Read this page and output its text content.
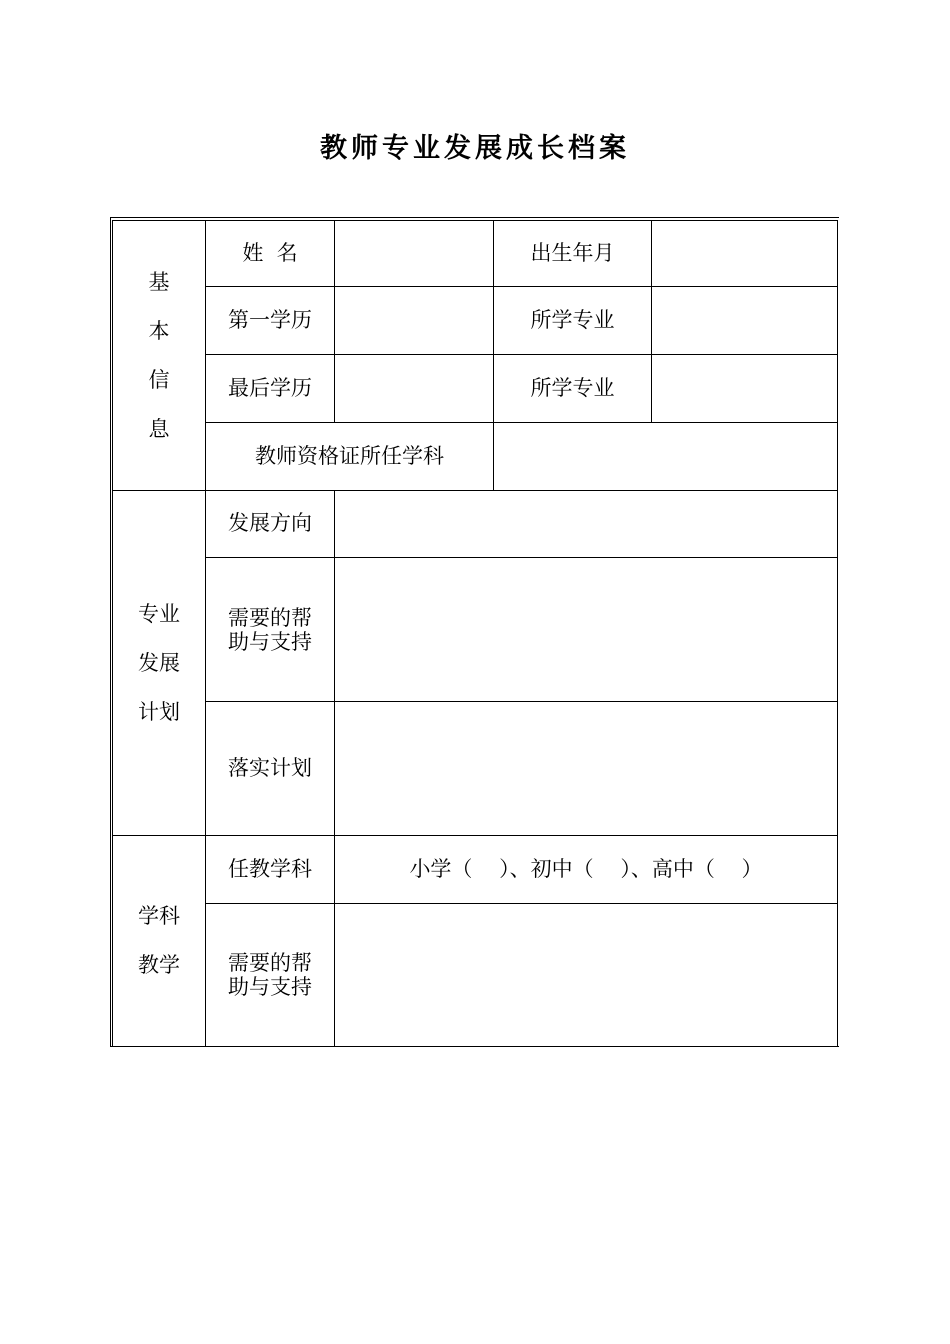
教师专业发展成长档案
基
本
信
息
姓  名	出生年月
第一学历	所学专业
最后学历	所学专业
教师资格证所任学科
专业
发展
计划
发展方向
需要的帮
助与支持
落实计划
学科
教学
任教学科	小学（    ）、初中（    ）、高中（    ）
需要的帮
助与支持
